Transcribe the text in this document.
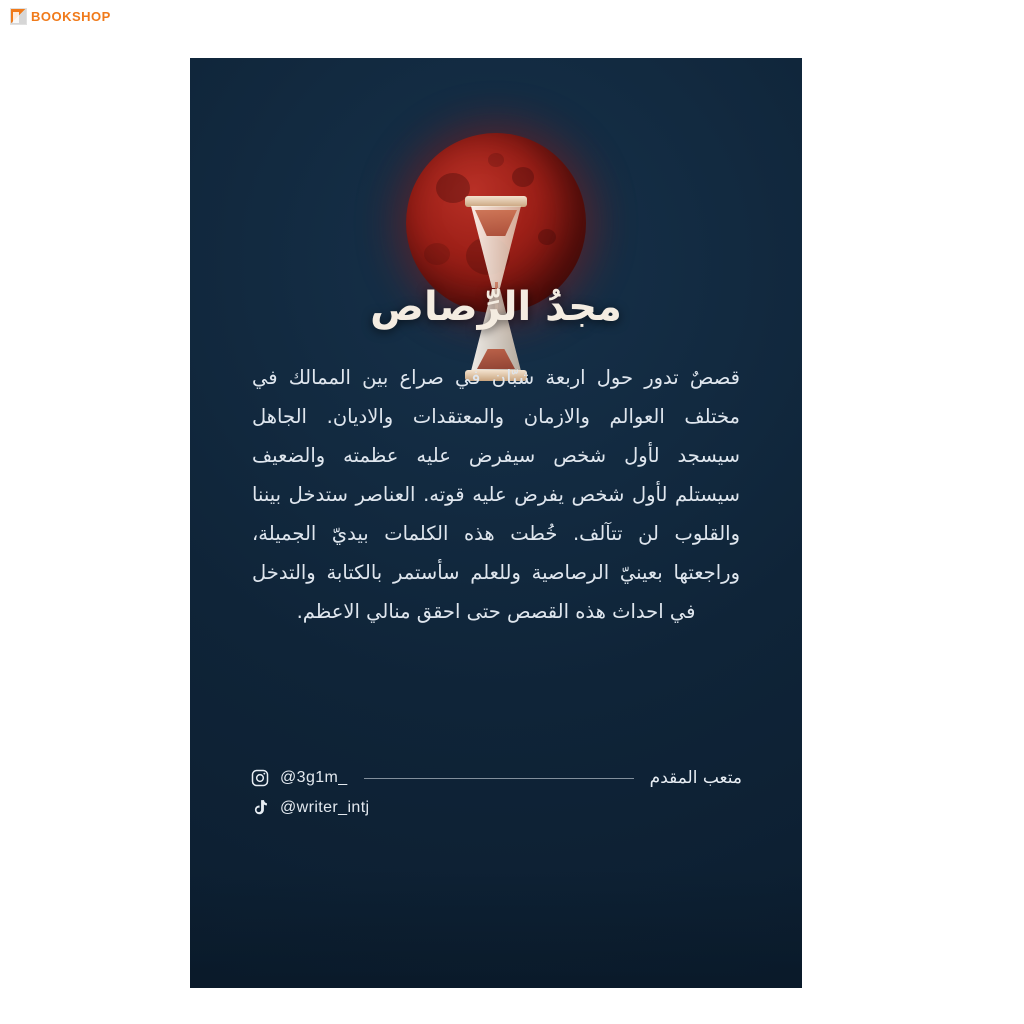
BOOKSHOP
مجدُ الرِّصاص
قصصٌ تدور حول اربعة شبّان في صراع بين الممالك في مختلف العوالم والازمان والمعتقدات والاديان. الجاهل سيسجد لأول شخص سيفرض عليه عظمته والضعيف سيستلم لأول شخص يفرض عليه قوته. العناصر ستدخل بيننا والقلوب لن تتآلف. خُطت هذه الكلمات بيديّ الجميلة، وراجعتها بعينيّ الرصاصية وللعلم سأستمر بالكتابة والتدخل في احداث هذه القصص حتى احقق منالي الاعظم.
@3g1m_	متعب المقدم
@writer_intj
